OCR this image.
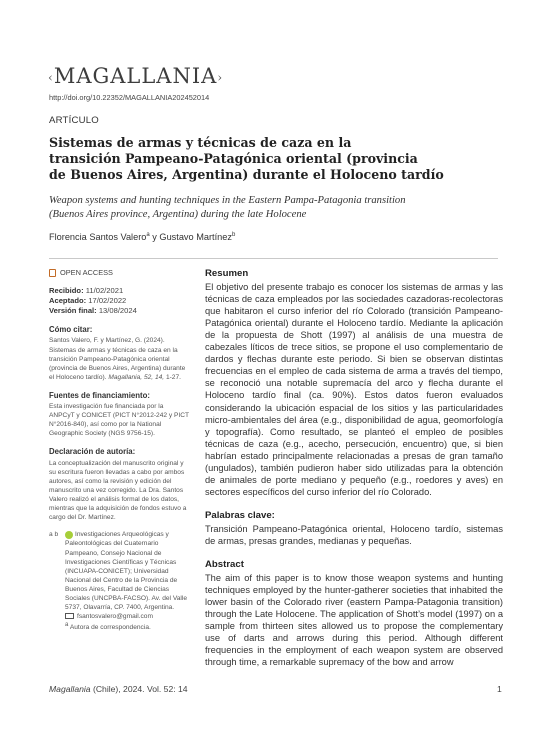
‹MAGALLANIA›
http://doi.org/10.22352/MAGALLANIA202452014
ARTÍCULO
Sistemas de armas y técnicas de caza en la
transición Pampeano-Patagónica oriental (provincia
de Buenos Aires, Argentina) durante el Holoceno tardío
Weapon systems and hunting techniques in the Eastern Pampa-Patagonia transition
(Buenos Aires province, Argentina) during the late Holocene
Florencia Santos Valero$^a$ y Gustavo Martínez$^b$
OPEN ACCESS
Recibido: 11/02/2021
Aceptado: 17/02/2022
Versión final: 13/08/2024
Cómo citar:
Santos Valero, F. y Martínez, G. (2024). Sistemas de armas y técnicas de caza en la transición Pampeano-Patagónica oriental (provincia de Buenos Aires, Argentina) durante el Holoceno tardío). Magallania, 52, 14, 1-27.
Fuentes de financiamiento:
Esta investigación fue financiada por la ANPCyT y CONICET (PICT N°2012-242 y PICT N°2016-840), así como por la National Geographic Society (NGS 9756-15).
Declaración de autoría:
La conceptualización del manuscrito original y su escritura fueron llevadas a cabo por ambos autores, así como la revisión y edición del manuscrito una vez corregido. La Dra. Santos Valero realizó el análisis formal de los datos, mientras que la adquisición de fondos estuvo a cargo del Dr. Martínez.
a b	Investigaciones Arqueológicas y Paleontológicas del Cuaternario Pampeano, Consejo Nacional de Investigaciones Científicas y Técnicas (INCUAPA-CONICET); Universidad Nacional del Centro de la Provincia de Buenos Aires, Facultad de Ciencias Sociales (UNCPBA-FACSO). Av. del Valle 5737, Olavarría, CP. 7400, Argentina.
fsantosvalero@gmail.com
$^a$ Autora de correspondencia.
Resumen

El objetivo del presente trabajo es conocer los sistemas de armas y las técnicas de caza empleados por las sociedades cazadoras-recolectoras que habitaron el curso inferior del río Colorado (transición Pampeano-Patagónica oriental) durante el Holoceno tardío. Mediante la aplicación de la propuesta de Shott (1997) al análisis de una muestra de cabezales líticos de trece sitios, se propone el uso complementario de dardos y flechas durante este periodo. Si bien se observan distintas frecuencias en el empleo de cada sistema de arma a través del tiempo, se reconoció una notable supremacía del arco y flecha durante el Holoceno tardío final (ca. 90%). Estos datos fueron evaluados considerando la ubicación espacial de los sitios y las particularidades micro-ambientales del área (e.g., disponibilidad de agua, geomorfología y topografía). Como resultado, se planteó el empleo de posibles técnicas de caza (e.g., acecho, persecución, encuentro) que, si bien habrían estado principalmente relacionadas a presas de gran tamaño (ungulados), también pudieron haber sido utilizadas para la obtención de animales de porte mediano y pequeño (e.g., roedores y aves) en sectores específicos del curso inferior del río Colorado.

Palabras clave:

Transición Pampeano-Patagónica oriental, Holoceno tardío, sistemas de armas, presas grandes, medianas y pequeñas.

Abstract

The aim of this paper is to know those weapon systems and hunting techniques employed by the hunter-gatherer societies that inhabited the lower basin of the Colorado river (eastern Pampa-Patagonia transition) through the Late Holocene. The application of Shott’s model (1997) on a sample from thirteen sites allowed us to propose the complementary use of darts and arrows during this period. Although different frequencies in the employment of each weapon system are observed through time, a remarkable supremacy of the bow and arrow

Magallania (Chile), 2024. Vol. 52: 14	1
